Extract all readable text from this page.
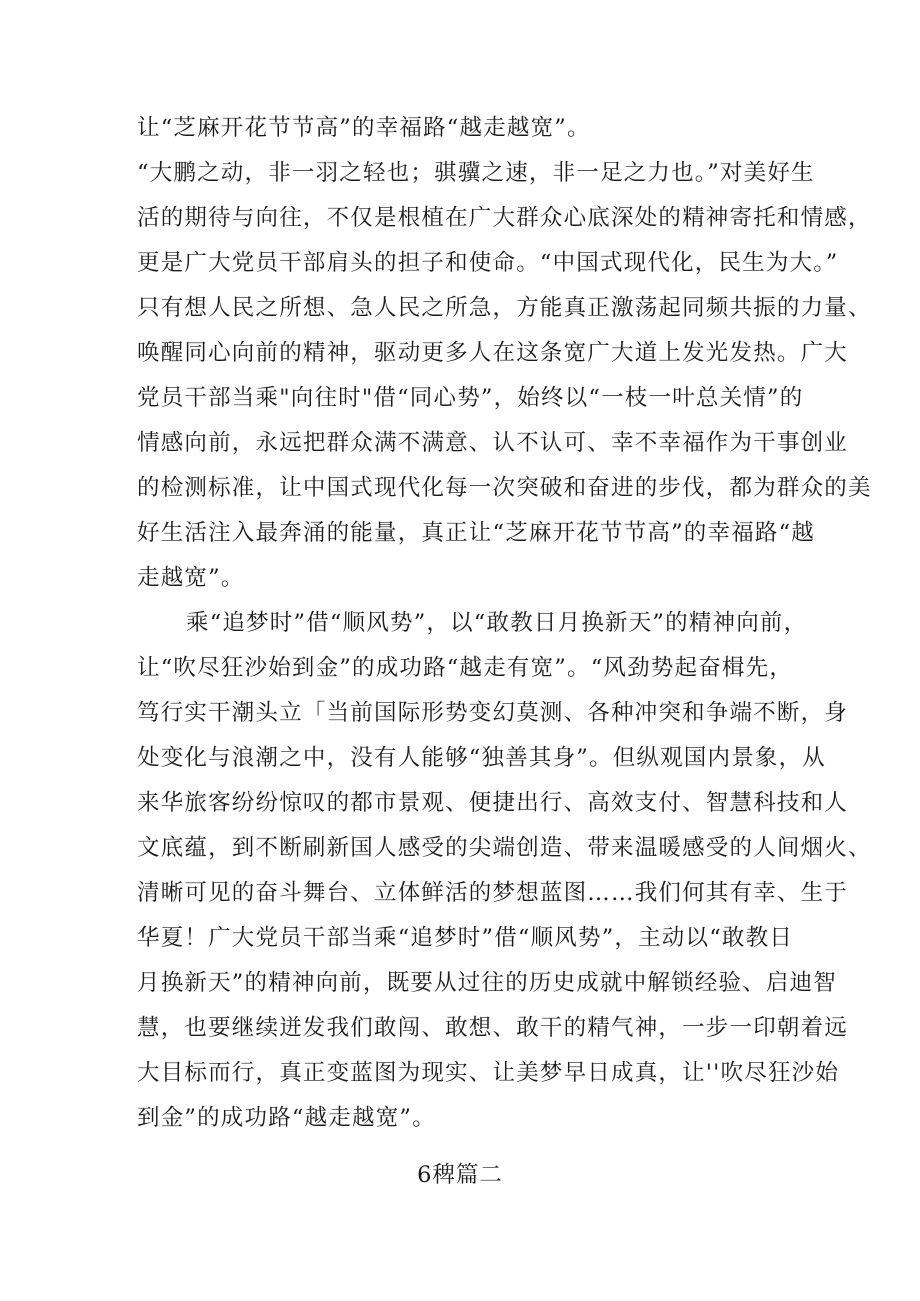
让“芝麻开花节节高”的幸福路“越走越宽”。
“大鹏之动，非一羽之轻也；骐骥之速，非一足之力也。”对美好生
活的期待与向往，不仅是根植在广大群众心底深处的精神寄托和情感，
更是广大党员干部肩头的担子和使命。“中国式现代化，民生为大。”
只有想人民之所想、急人民之所急，方能真正激荡起同频共振的力量、
唤醒同心向前的精神，驱动更多人在这条宽广大道上发光发热。广大
党员干部当乘"向往时"借“同心势”，始终以“一枝一叶总关情”的
情感向前，永远把群众满不满意、认不认可、幸不幸福作为干事创业
的检测标准，让中国式现代化每一次突破和奋进的步伐，都为群众的美
好生活注入最奔涌的能量，真正让“芝麻开花节节高”的幸福路“越
走越宽”。
乘“追梦时”借“顺风势”，以“敢教日月换新天”的精神向前，
让“吹尽狂沙始到金”的成功路“越走有宽”。“风劲势起奋楫先，
笃行实干潮头立「当前国际形势变幻莫测、各种冲突和争端不断，身
处变化与浪潮之中，没有人能够“独善其身”。但纵观国内景象，从
来华旅客纷纷惊叹的都市景观、便捷出行、高效支付、智慧科技和人
文底蕴，到不断刷新国人感受的尖端创造、带来温暖感受的人间烟火、
清晰可见的奋斗舞台、立体鲜活的梦想蓝图……我们何其有幸、生于
华夏！广大党员干部当乘“追梦时”借“顺风势”，主动以“敢教日
月换新天”的精神向前，既要从过往的历史成就中解锁经验、启迪智
慧，也要继续迸发我们敢闯、敢想、敢干的精气神，一步一印朝着远
大目标而行，真正变蓝图为现实、让美梦早日成真，让''吹尽狂沙始
到金”的成功路“越走越宽”。
6稗篇二
